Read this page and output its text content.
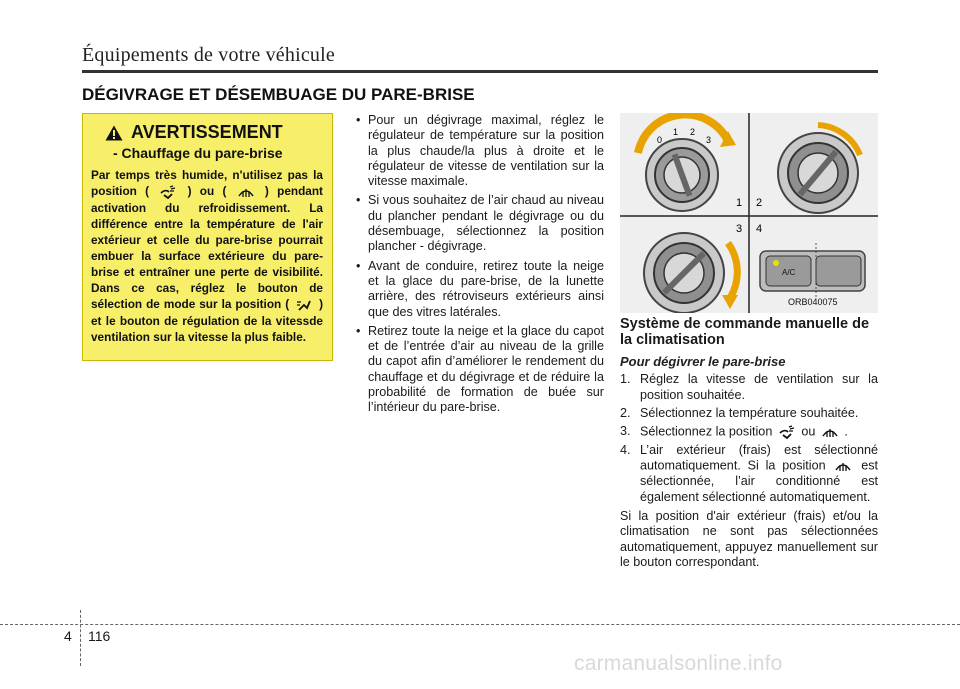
Équipements de votre véhicule
DÉGIVRAGE ET DÉSEMBUAGE DU PARE-BRISE
AVERTISSEMENT
- Chauffage du pare-brise
Par temps très humide, n'utilisez pas la position (	) ou (	) pendant activation du refroidissement. La différence entre la température de l'air extérieur et celle du pare-brise pourrait embuer la surface extérieure du pare-brise et entraîner une perte de visibilité. Dans ce cas, réglez le bouton de sélection de mode sur la position (	) et le bouton de régulation de la vitessde ventilation sur la vitesse la plus faible.
• Pour un dégivrage maximal, réglez le régulateur de température sur la position la plus chaude/la plus à droite et le régulateur de vitesse de ventilation sur la vitesse maximale.
• Si vous souhaitez de l’air chaud au niveau du plancher pendant le dégivrage ou du désembuage, sélectionnez la position plancher - dégivrage.
• Avant de conduire, retirez toute la neige et la glace du pare-brise, de la lunette arrière, des rétroviseurs extérieurs ainsi que des vitres latérales.
• Retirez toute la neige et la glace du capot et de l’entrée d’air au niveau de la grille du capot afin d’améliorer le rendement du chauffage et du dégivrage et de réduire la probabilité de formation de buée sur l’intérieur du pare-brise.
0
1 2
3
1 2
3 4
A/C
ORB040075
Système de commande manuelle de la climatisation
Pour dégivrer le pare-brise
1. Réglez la vitesse de ventilation sur la position souhaitée.
2. Sélectionnez la température souhaitée.
3. Sélectionnez la position ou .
4. L’air extérieur (frais) est sélectionné automatiquement. Si la position	est sélectionnée, l’air conditionné est également sélectionné automatiquement.
Si la position d'air extérieur (frais) et/ou la climatisation ne sont pas sélectionnées automatiquement, appuyez manuellement sur le bouton correspondant.
4 116
carmanualsonline.info
